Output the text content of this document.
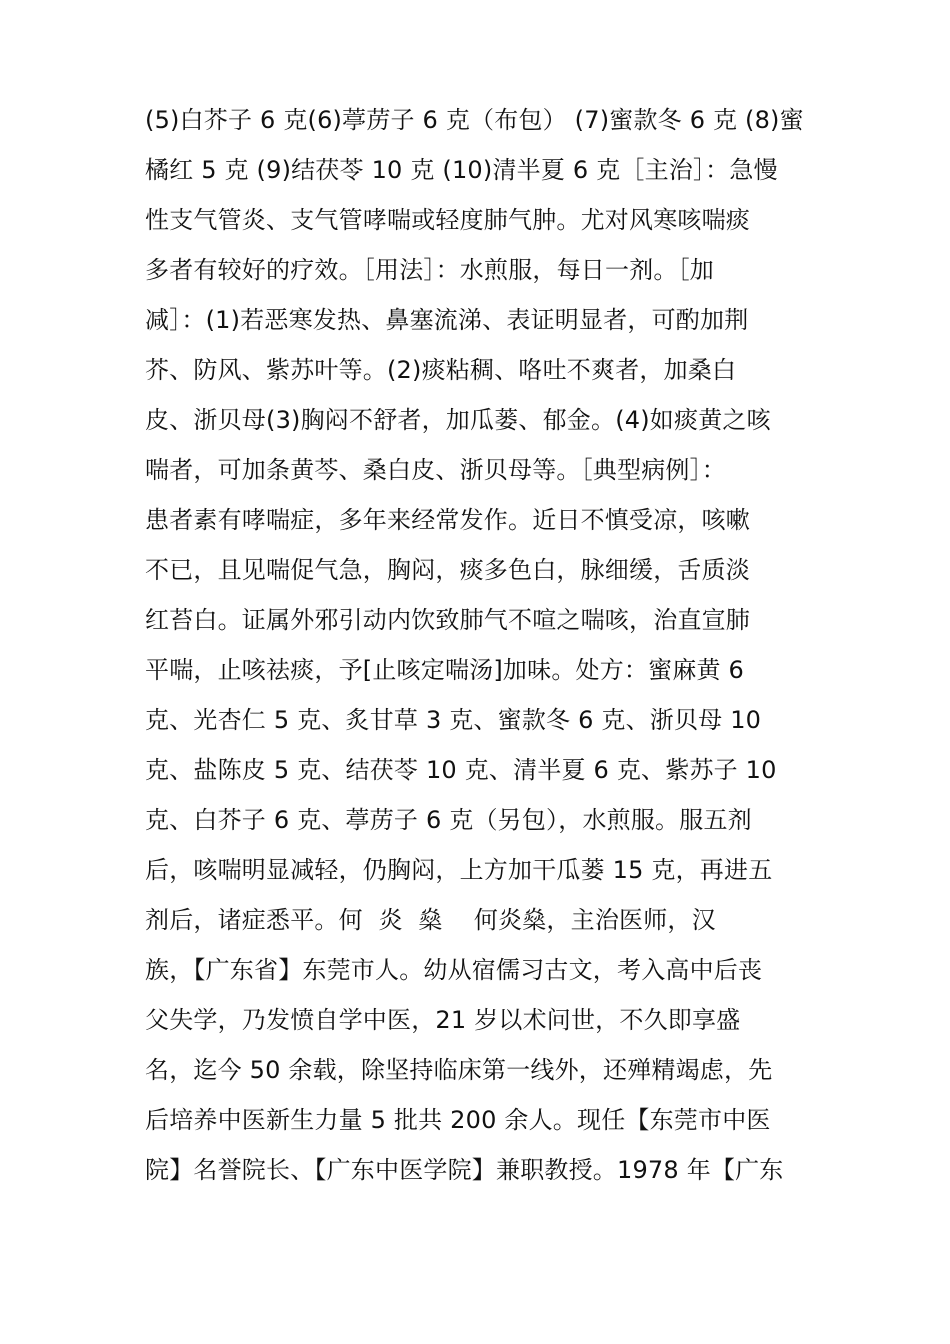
(5)白芥子 6 克(6)葶苈子 6 克（布包） (7)蜜款冬 6 克 (8)蜜
橘红 5 克 (9)结茯苓 10 克 (10)清半夏 6 克［主治］：急慢
性支气管炎、支气管哮喘或轻度肺气肿。尤对风寒咳喘痰
多者有较好的疗效。［用法］：水煎服，每日一剂。［加
减］：(1)若恶寒发热、鼻塞流涕、表证明显者，可酌加荆
芥、防风、紫苏叶等。(2)痰粘稠、咯吐不爽者，加桑白
皮、浙贝母(3)胸闷不舒者，加瓜蒌、郁金。(4)如痰黄之咳
喘者，可加条黄芩、桑白皮、浙贝母等。［典型病例］：
患者素有哮喘症，多年来经常发作。近日不慎受凉，咳嗽
不已，且见喘促气急，胸闷，痰多色白，脉细缓，舌质淡
红苔白。证属外邪引动内饮致肺气不喧之喘咳，治直宣肺
平喘，止咳祛痰，予[止咳定喘汤]加味。处方：蜜麻黄 6
克、光杏仁 5 克、炙甘草 3 克、蜜款冬 6 克、浙贝母 10
克、盐陈皮 5 克、结茯苓 10 克、清半夏 6 克、紫苏子 10
克、白芥子 6 克、葶苈子 6 克（另包），水煎服。服五剂
后，咳喘明显减轻，仍胸闷，上方加干瓜蒌 15 克，再进五
剂后，诸症悉平。何  炎  燊    何炎燊，主治医师，汉
族，【广东省】东莞市人。幼从宿儒习古文，考入高中后丧
父失学，乃发愤自学中医，21 岁以术问世，不久即享盛
名，迄今 50 余载，除坚持临床第一线外，还殚精竭虑，先
后培养中医新生力量 5 批共 200 余人。现任【东莞市中医
院】名誉院长、【广东中医学院】兼职教授。1978 年【广东
